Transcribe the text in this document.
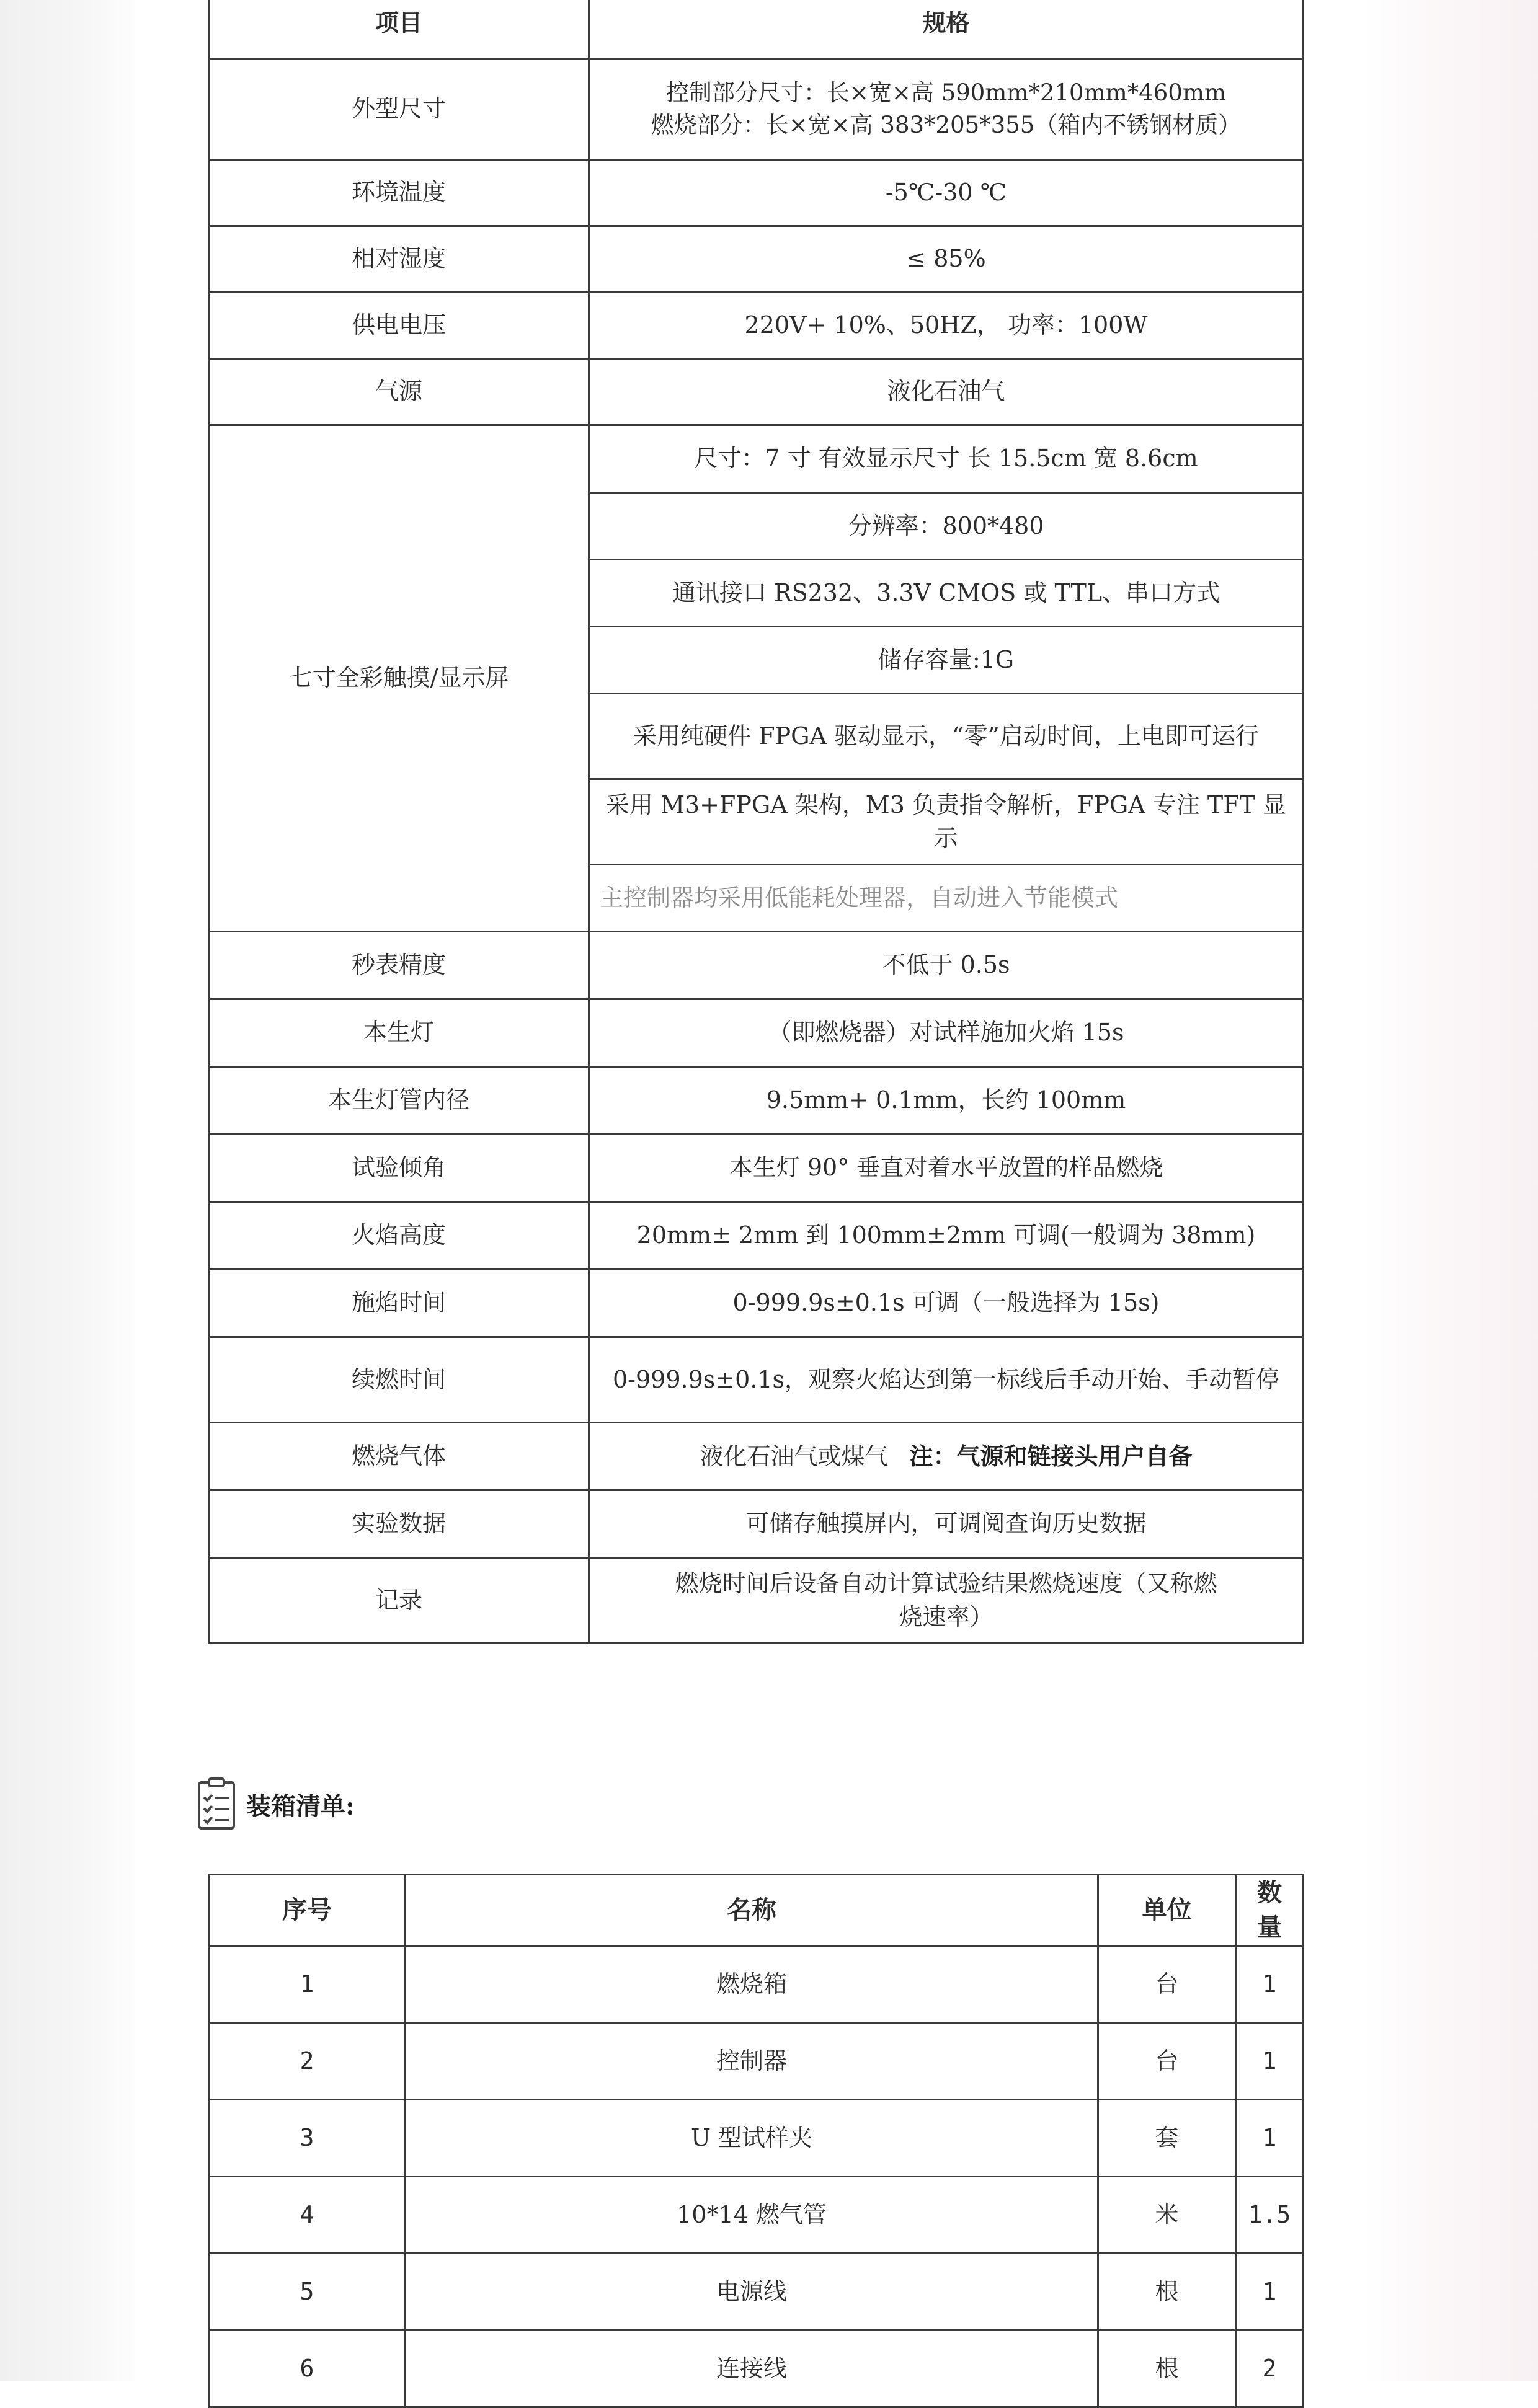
项目	规格
外型尺寸	控制部分尺寸：长×宽×高 590mm*210mm*460mm
燃烧部分：长×宽×高 383*205*355（箱内不锈钢材质）

环境温度	-5℃-30 ℃
相对湿度	≤ 85%
供电电压	220V+ 10%、50HZ， 功率：100W
气源	液化石油气
七寸全彩触摸/显示屏	尺寸：7 寸 有效显示尺寸 长 15.5cm 宽 8.6cm
	分辨率：800*480
	通讯接口 RS232、3.3V CMOS 或 TTL、串口方式
	储存容量:1G
	采用纯硬件 FPGA 驱动显示，“零”启动时间，上电即可运行
	采用 M3+FPGA 架构，M3 负责指令解析，FPGA 专注 TFT 显示
	主控制器均采用低能耗处理器，自动进入节能模式
秒表精度	不低于 0.5s
本生灯	（即燃烧器）对试样施加火焰 15s
本生灯管内径	9.5mm+ 0.1mm，长约 100mm
试验倾角	本生灯 90° 垂直对着水平放置的样品燃烧
火焰高度	20mm± 2mm 到 100mm±2mm 可调(一般调为 38mm)
施焰时间	0-999.9s±0.1s 可调（一般选择为 15s)
续燃时间	0-999.9s±0.1s，观察火焰达到第一标线后手动开始、手动暂停
燃烧气体	液化石油气或煤气 注：气源和链接头用户自备
实验数据	可储存触摸屏内，可调阅查询历史数据
记录	燃烧时间后设备自动计算试验结果燃烧速度（又称燃烧速率）
装箱清单:
序号	名称	单位	数量
1	燃烧箱	台	1
2	控制器	台	1
3	U 型试样夹	套	1
4	10*14 燃气管	米	1.5
5	电源线	根	1
6	连接线	根	2
